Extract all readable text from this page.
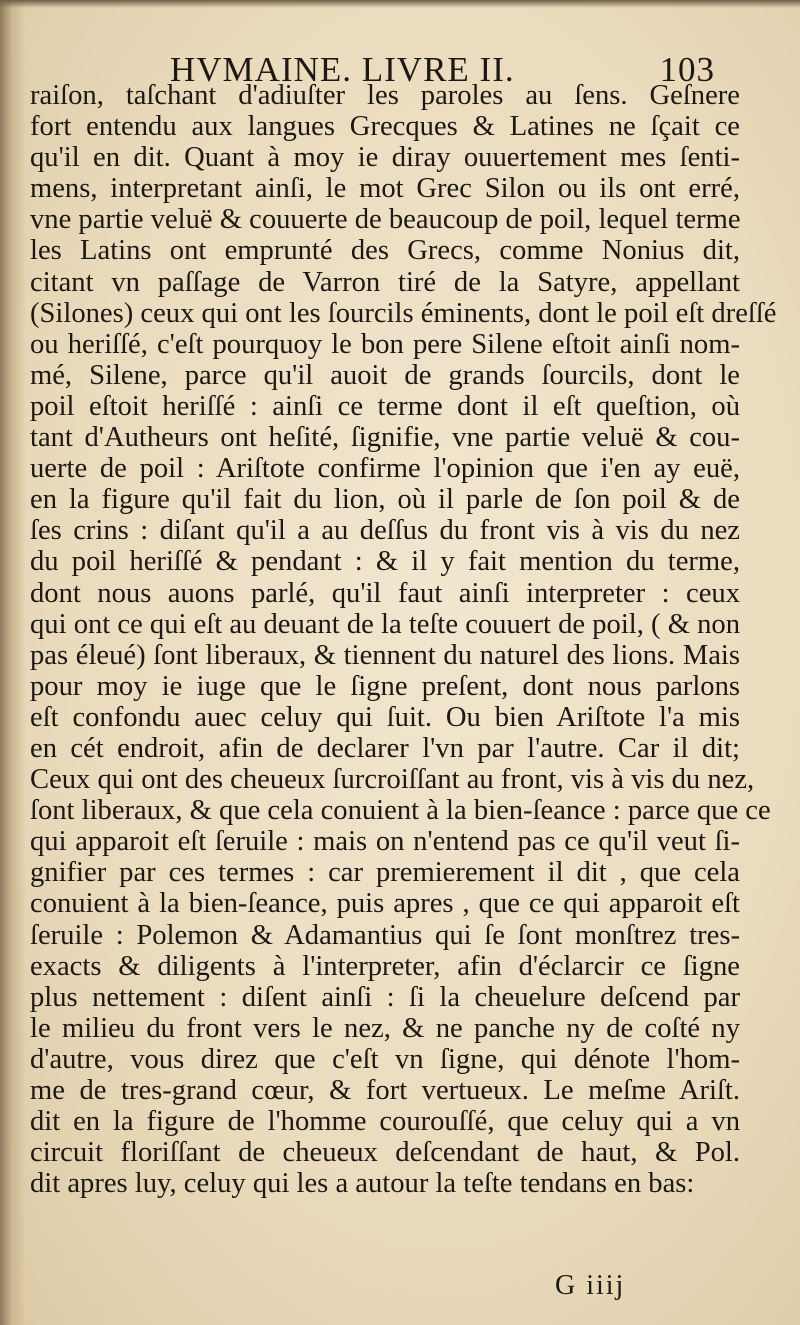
HVMAINE. LIVRE II.	103
raiſon, taſchant d'adiuſter les paroles au ſens. Geſnere
fort entendu aux langues Grecques & Latines ne ſçait ce
qu'il en dit. Quant à moy ie diray ouuertement mes ſenti-
mens, interpretant ainſi, le mot Grec Silon ou ils ont erré,
vne partie veluë & couuerte de beaucoup de poil, lequel terme
les Latins ont emprunté des Grecs, comme Nonius dit,
citant vn paſſage de Varron tiré de la Satyre, appellant
(Silones) ceux qui ont les ſourcils éminents, dont le poil eſt dreſſé
ou heriſſé, c'eſt pourquoy le bon pere Silene eſtoit ainſi nom-
mé, Silene, parce qu'il auoit de grands ſourcils, dont le
poil eſtoit heriſſé : ainſi ce terme dont il eſt queſtion, où
tant d'Autheurs ont heſité, ſignifie, vne partie veluë & cou-
uerte de poil : Ariſtote confirme l'opinion que i'en ay euë,
en la figure qu'il fait du lion, où il parle de ſon poil & de
ſes crins : diſant qu'il a au deſſus du front vis à vis du nez
du poil heriſſé & pendant : & il y fait mention du terme,
dont nous auons parlé, qu'il faut ainſi interpreter : ceux
qui ont ce qui eſt au deuant de la teſte couuert de poil, ( & non
pas éleué) ſont liberaux, & tiennent du naturel des lions. Mais
pour moy ie iuge que le ſigne preſent, dont nous parlons
eſt confondu auec celuy qui ſuit. Ou bien Ariſtote l'a mis
en cét endroit, afin de declarer l'vn par l'autre. Car il dit;
Ceux qui ont des cheueux ſurcroiſſant au front, vis à vis du nez,
ſont liberaux, & que cela conuient à la bien-ſeance : parce que ce
qui apparoit eſt ſeruile : mais on n'entend pas ce qu'il veut ſi-
gnifier par ces termes : car premierement il dit , que cela
conuient à la bien-ſeance, puis apres , que ce qui apparoit eſt
ſeruile : Polemon & Adamantius qui ſe ſont monſtrez tres-
exacts & diligents à l'interpreter, afin d'éclarcir ce ſigne
plus nettement : diſent ainſi : ſi la cheuelure deſcend par
le milieu du front vers le nez, & ne panche ny de coſté ny
d'autre, vous direz que c'eſt vn ſigne, qui dénote l'hom-
me de tres-grand cœur, & fort vertueux. Le meſme Ariſt.
dit en la figure de l'homme courouſſé, que celuy qui a vn
circuit floriſſant de cheueux deſcendant de haut, & Pol.
dit apres luy, celuy qui les a autour la teſte tendans en bas:
G iiij
